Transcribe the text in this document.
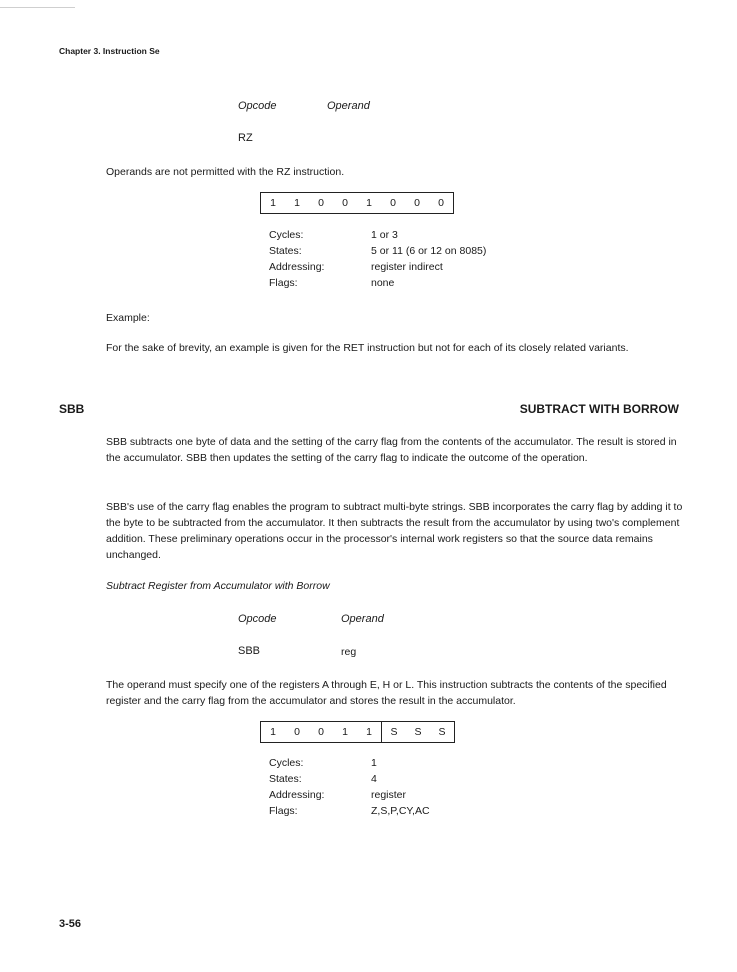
Chapter 3. Instruction Se
Opcode	Operand
RZ
Operands are not permitted with the RZ instruction.
1	1	0	0	1	0	0	0
Cycles:	1 or 3
States:	5 or 11 (6 or 12 on 8085)
Addressing:	register indirect
Flags:	none
Example:
For the sake of brevity, an example is given for the RET instruction but not for each of its closely related variants.
SBB	SUBTRACT WITH BORROW
SBB subtracts one byte of data and the setting of the carry flag from the contents of the accumulator. The result is stored in the accumulator. SBB then updates the setting of the carry flag to indicate the outcome of the operation.
SBB's use of the carry flag enables the program to subtract multi-byte strings. SBB incorporates the carry flag by adding it to the byte to be subtracted from the accumulator. It then subtracts the result from the accumulator by using two's complement addition. These preliminary operations occur in the processor's internal work registers so that the source data remains unchanged.
Subtract Register from Accumulator with Borrow
Opcode	Operand
SBB	reg
The operand must specify one of the registers A through E, H or L. This instruction subtracts the contents of the specified register and the carry flag from the accumulator and stores the result in the accumulator.
1	0	0	1	1	S	S	S
Cycles:	1
States:	4
Addressing:	register
Flags:	Z,S,P,CY,AC
3-56
